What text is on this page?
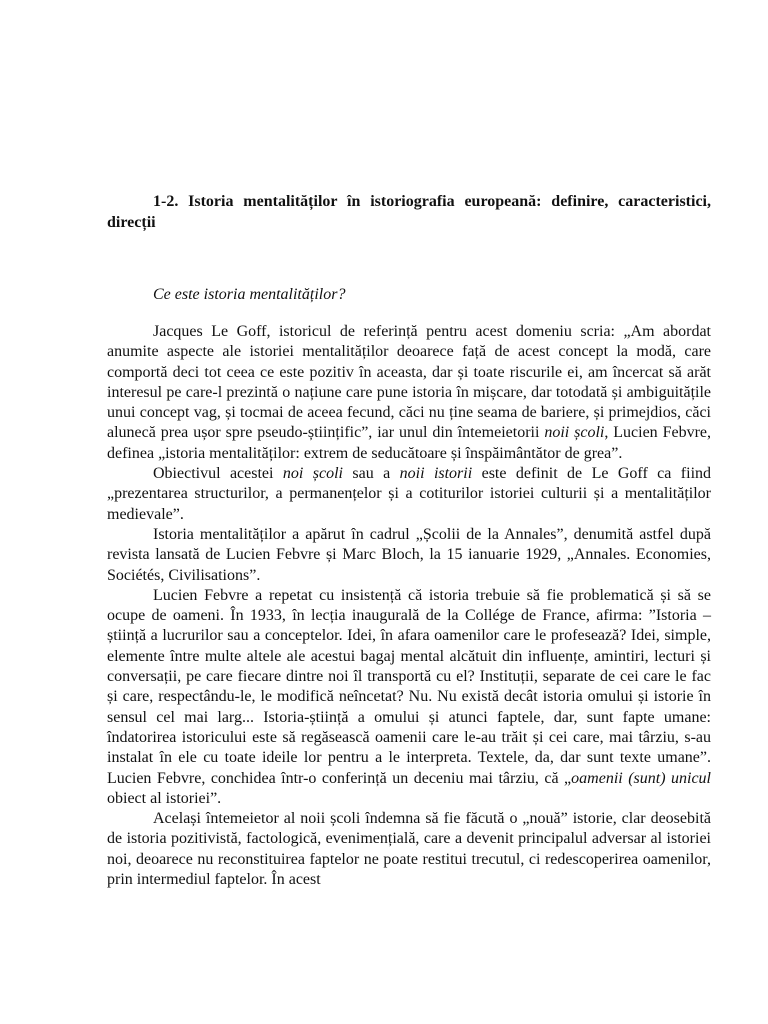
1-2. Istoria mentalităților în istoriografia europeană: definire, caracteristici, direcții

Ce este istoria mentalităților?

Jacques Le Goff, istoricul de referință pentru acest domeniu scria: „Am abordat anumite aspecte ale istoriei mentalităților deoarece față de acest concept la modă, care comportă deci tot ceea ce este pozitiv în aceasta, dar și toate riscurile ei, am încercat să arăt interesul pe care-l prezintă o națiune care pune istoria în mișcare, dar totodată și ambiguitățile unui concept vag, și tocmai de aceea fecund, căci nu ține seama de bariere, și primejdios, căci alunecă prea ușor spre pseudo-științific”, iar unul din întemeietorii noii școli, Lucien Febvre, definea „istoria mentalităților: extrem de seducătoare și înspăimântător de grea”.

Obiectivul acestei noi școli sau a noii istorii este definit de Le Goff ca fiind „prezentarea structurilor, a permanențelor și a cotiturilor istoriei culturii și a mentalităților medievale”.

Istoria mentalităților a apărut în cadrul „Școlii de la Annales”, denumită astfel după revista lansată de Lucien Febvre și Marc Bloch, la 15 ianuarie 1929, „Annales. Economies, Sociétés, Civilisations”.

Lucien Febvre a repetat cu insistență că istoria trebuie să fie problematică și să se ocupe de oameni. În 1933, în lecția inaugurală de la Collége de France, afirma: ”Istoria – știință a lucrurilor sau a conceptelor. Idei, în afara oamenilor care le profesează? Idei, simple, elemente între multe altele ale acestui bagaj mental alcătuit din influențe, amintiri, lecturi și conversații, pe care fiecare dintre noi îl transportă cu el? Instituții, separate de cei care le fac și care, respectându-le, le modifică neîncetat? Nu. Nu există decât istoria omului și istorie în sensul cel mai larg... Istoria-știință a omului și atunci faptele, dar, sunt fapte umane: îndatorirea istoricului este să regăsească oamenii care le-au trăit și cei care, mai târziu, s-au instalat în ele cu toate ideile lor pentru a le interpreta. Textele, da, dar sunt texte umane”. Lucien Febvre, conchidea într-o conferință un deceniu mai târziu, că „oamenii (sunt) unicul obiect al istoriei”.

Același întemeietor al noii școli îndemna să fie făcută o „nouă” istorie, clar deosebită de istoria pozitivistă, factologică, evenimențială, care a devenit principalul adversar al istoriei noi, deoarece nu reconstituirea faptelor ne poate restitui trecutul, ci redescoperirea oamenilor, prin intermediul faptelor. În acest
